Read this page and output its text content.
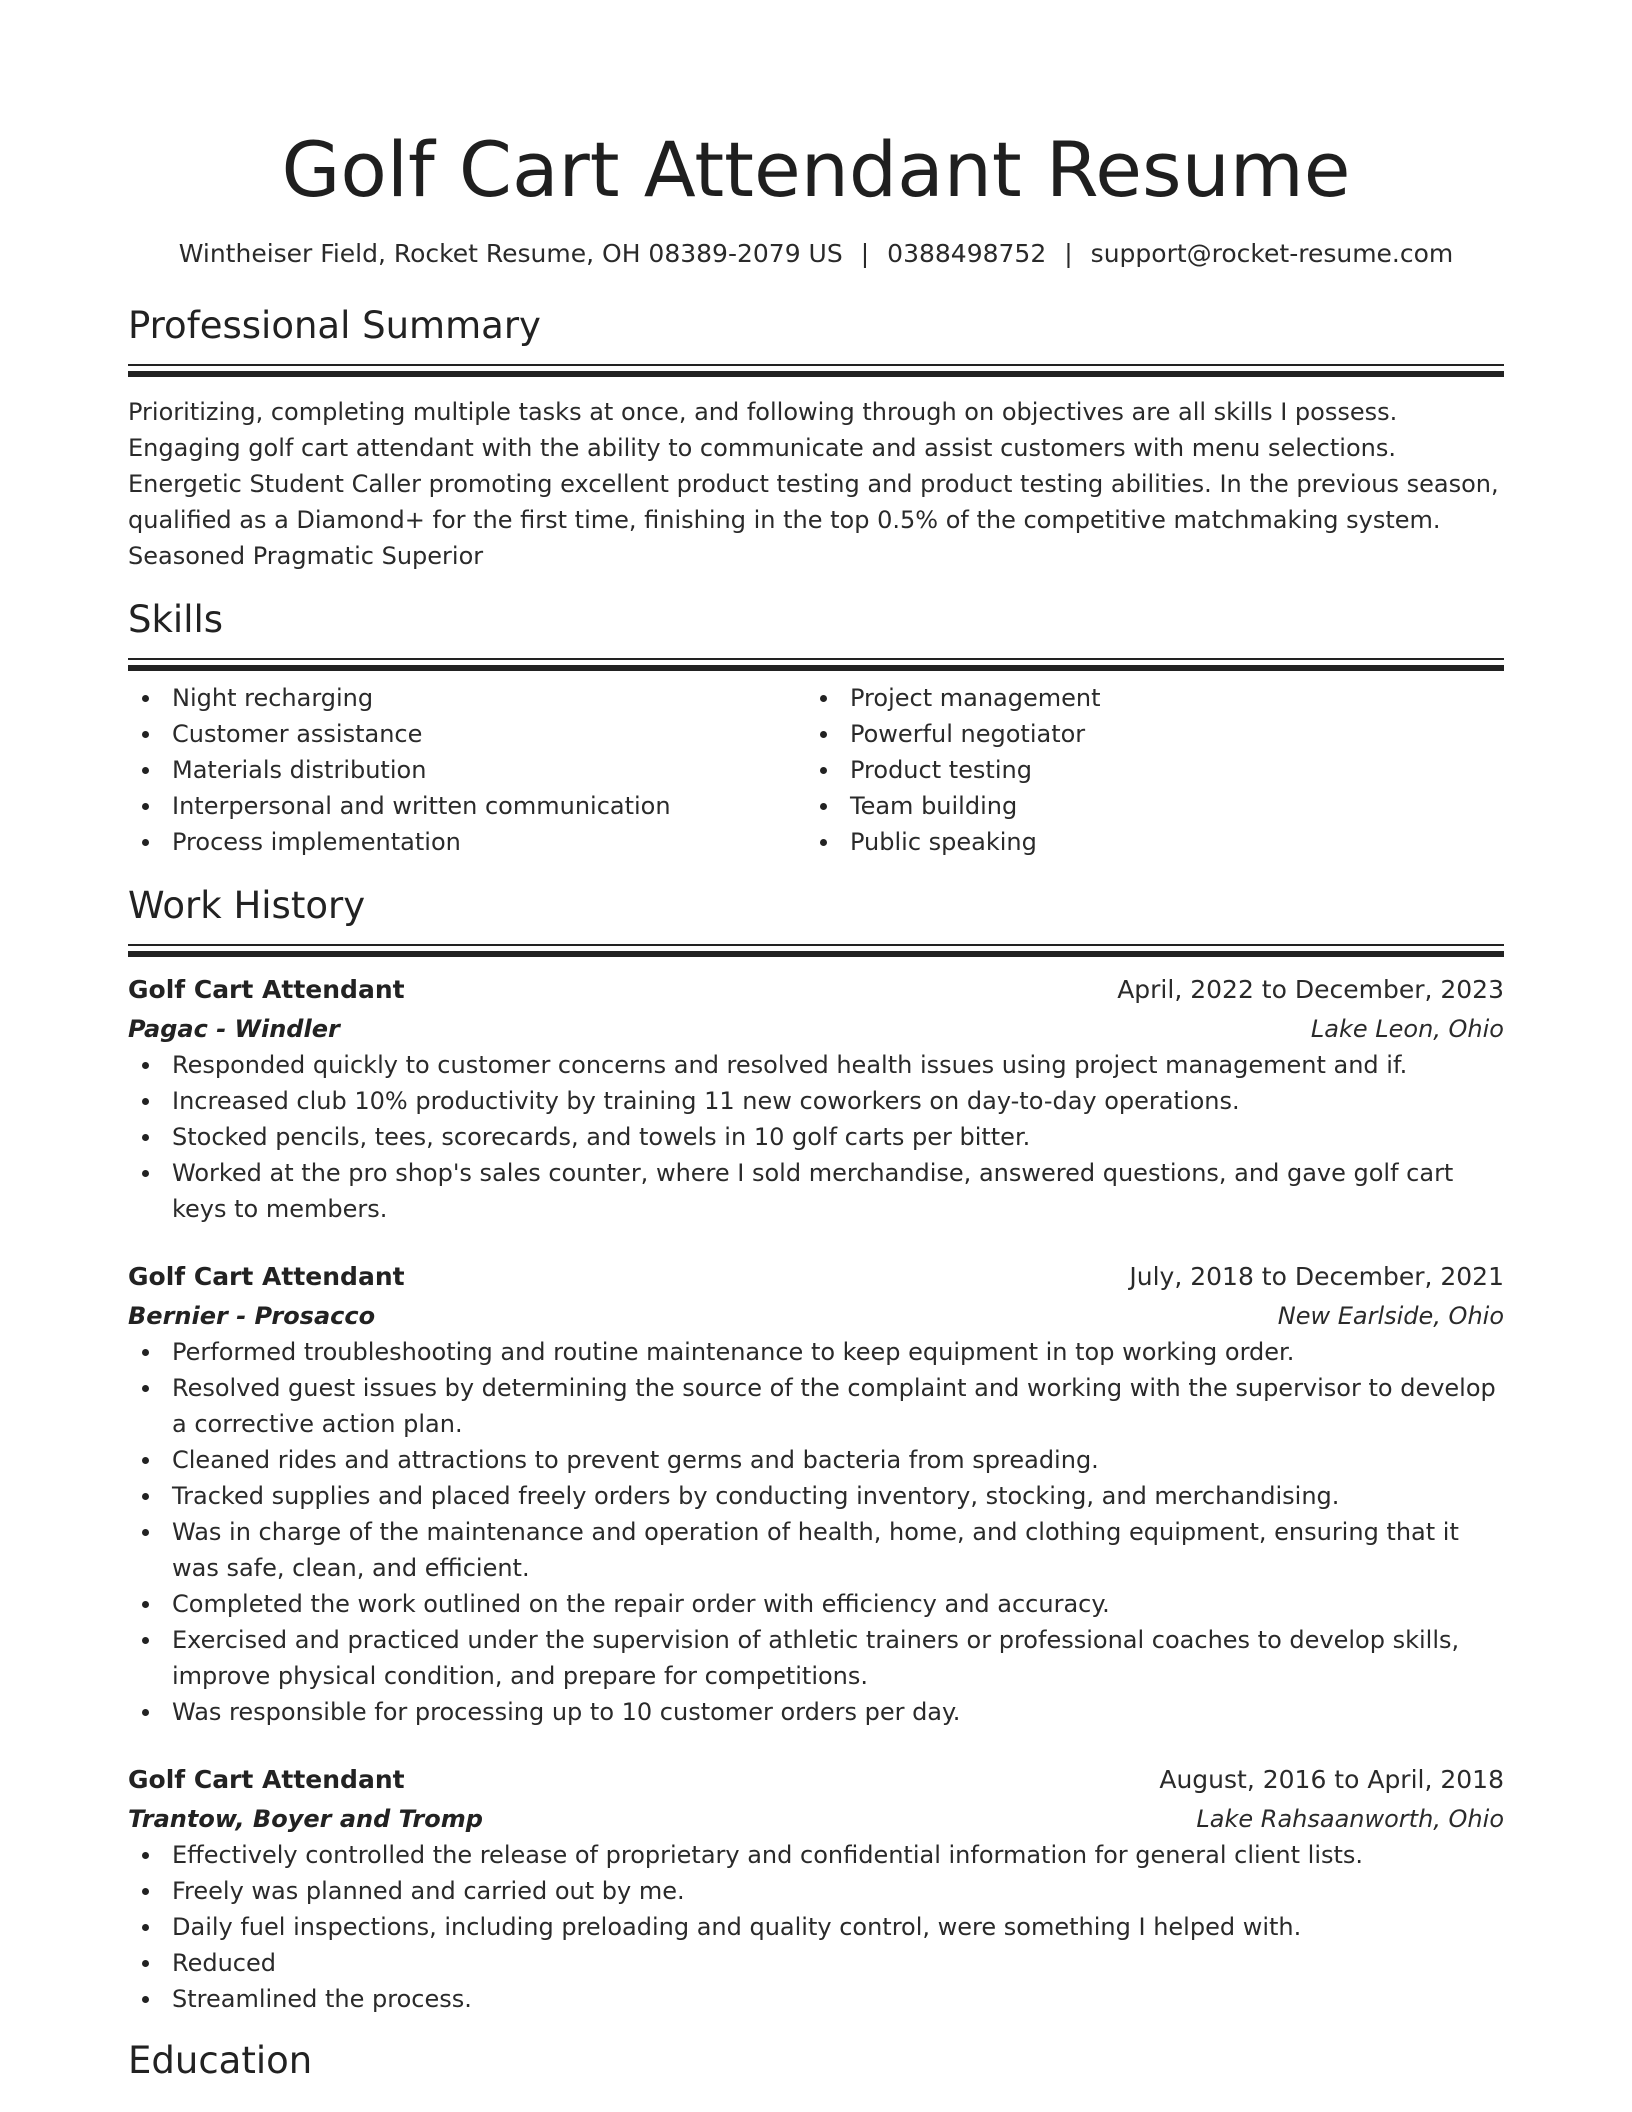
Golf Cart Attendant Resume
Wintheiser Field, Rocket Resume, OH 08389-2079 US | 0388498752 | support@rocket-resume.com
Professional Summary
Prioritizing, completing multiple tasks at once, and following through on objectives are all skills I possess. Engaging golf cart attendant with the ability to communicate and assist customers with menu selections. Energetic Student Caller promoting excellent product testing and product testing abilities. In the previous season, qualified as a Diamond+ for the first time, finishing in the top 0.5% of the competitive matchmaking system. Seasoned Pragmatic Superior
Skills
Night recharging
Customer assistance
Materials distribution
Interpersonal and written communication
Process implementation
Project management
Powerful negotiator
Product testing
Team building
Public speaking
Work History
Golf Cart Attendant	April, 2022 to December, 2023
Pagac - Windler	Lake Leon, Ohio
Responded quickly to customer concerns and resolved health issues using project management and if.
Increased club 10% productivity by training 11 new coworkers on day-to-day operations.
Stocked pencils, tees, scorecards, and towels in 10 golf carts per bitter.
Worked at the pro shop's sales counter, where I sold merchandise, answered questions, and gave golf cart keys to members.
Golf Cart Attendant	July, 2018 to December, 2021
Bernier - Prosacco	New Earlside, Ohio
Performed troubleshooting and routine maintenance to keep equipment in top working order.
Resolved guest issues by determining the source of the complaint and working with the supervisor to develop a corrective action plan.
Cleaned rides and attractions to prevent germs and bacteria from spreading.
Tracked supplies and placed freely orders by conducting inventory, stocking, and merchandising.
Was in charge of the maintenance and operation of health, home, and clothing equipment, ensuring that it was safe, clean, and efficient.
Completed the work outlined on the repair order with efficiency and accuracy.
Exercised and practiced under the supervision of athletic trainers or professional coaches to develop skills, improve physical condition, and prepare for competitions.
Was responsible for processing up to 10 customer orders per day.
Golf Cart Attendant	August, 2016 to April, 2018
Trantow, Boyer and Tromp	Lake Rahsaanworth, Ohio
Effectively controlled the release of proprietary and confidential information for general client lists.
Freely was planned and carried out by me.
Daily fuel inspections, including preloading and quality control, were something I helped with.
Reduced
Streamlined the process.
Education
